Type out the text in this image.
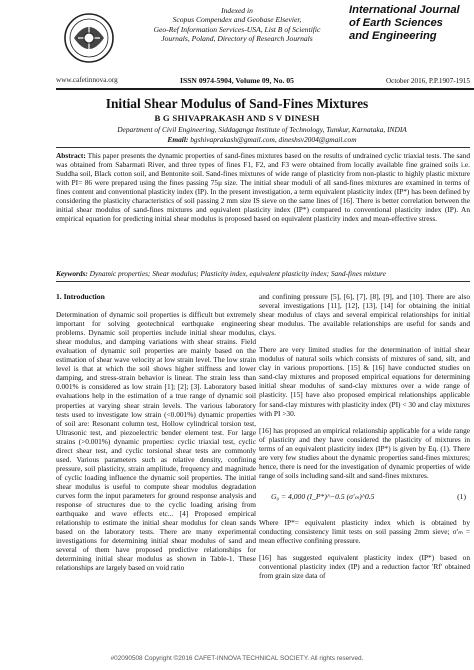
www.cafetinnova.org
Indexed in
Scopus Compendex and Geobase Elsevier,
Geo-Ref Information Services-USA, List B of Scientific
Journals, Poland, Directory of Research Journals
ISSN 0974-5904, Volume 09, No. 05
International Journal
of Earth Sciences
and Engineering
October 2016, P.P.1907-1915
Initial Shear Modulus of Sand-Fines Mixtures
B G SHIVAPRAKASH AND S V DINESH
Department of Civil Engineering, Siddaganga Institute of Technology, Tumkur, Karnataka, INDIA
Email: bgshivaprakash@gmail.com, dineshsv2004@gmail.com
Abstract: This paper presents the dynamic properties of sand-fines mixtures based on the results of undrained cyclic triaxial tests. The sand was obtained from Sabarmati River, and three types of fines F1, F2, and F3 were obtained from locally available fine grained soils i.e. Suddha soil, Black cotton soil, and Bentonite soil. Sand-fines mixtures of wide range of plasticity from non-plastic to highly plastic mixture with PI= 86 were prepared using the fines passing 75μ size. The initial shear moduli of all sand-fines mixtures are examined in terms of fines content and conventional plasticity index (IP). In the present investigation, a term equivalent plasticity index (IP*) has been defined by considering the plasticity characteristics of soil passing 2 mm size IS sieve on the same lines of [16]. There is better correlation between the initial shear modulus of sand-fines mixtures and equivalent plasticity index (IP*) compared to conventional plasticity index (IP). An empirical equation for predicting initial shear modulus is proposed based on equivalent plasticity index and mean-effective stress.
Keywords: Dynamic properties; Shear modulus; Plasticity index, equivalent plasticity index; Sand-fines mixture
1. Introduction
Determination of dynamic soil properties is difficult but extremely important for solving geotechnical earthquake engineering problems. Dynamic soil properties include initial shear modulus, shear modulus, and damping variations with shear strains. Field evaluation of dynamic soil properties are mainly based on the estimation of shear wave velocity at low strain level. The low strain level is that at which the soil shows higher stiffness and lower damping, and stress-strain behavior is linear. The strain less than 0.001% is considered as low strain [1]; [2]; [3]. Laboratory based evaluations help in the estimation of a true range of dynamic soil properties at varying shear strain levels. The various laboratory tests used to investigate low strain (<0.001%) dynamic properties of soil are: Resonant column test, Hollow cylindrical torsion test, Ultrasonic test, and piezoelectric bender element test. For large strains (>0.001%) dynamic properties: cyclic triaxial test, cyclic direct shear test, and cyclic torsional shear tests are commonly used. Various parameters such as relative density, confining pressure, soil plasticity, strain amplitude, frequency and magnitude of cyclic loading influence the dynamic soil properties. The initial shear modulus is useful to compute shear modulus degradation curves form the input parameters for ground response analysis and response of structures due to the cyclic loading arising from earthquake and wave effects etc... [4] Proposed empirical relationship to estimate the initial shear modulus for clean sands based on the laboratory tests. There are many experimental investigations for determining initial shear modulus of sand and several of them have proposed predictive relationships for determining initial shear modulus as shown in Table-1. These relationships are largely based on void ratio
and confining pressure [5], [6], [7], [8], [9], and [10]. There are also several investigations [11], [12], [13], [14] for obtaining the initial shear modulus of clays and several empirical relationships for initial shear modulus. The available relationships are useful for sands and clays.
There are very limited studies for the determination of initial shear modulus of natural soils which consists of mixtures of sand, silt, and clay in various proportions. [15] & [16] have conducted studies on sand-clay mixtures and proposed empirical equations for determining initial shear modulus of sand-clay mixtures over a wide range of plasticity. [15] have also proposed empirical relationships applicable for sand-clay mixtures with plasticity index (PI) < 30 and clay mixtures with PI >30.
[16] has proposed an empirical relationship applicable for a wide range of plasticity and they have considered the plasticity of mixtures in terms of an equivalent plasticity index (IP*) is given by Eq. (1). There are very few studies about the dynamic properties sand-fines mixtures; hence, there is need for the investigation of dynamic properties of wide range of soils including sand-silt and sand-fines mixtures.
G₀ = 4,000 (I_P*)^−0.5 (σ′ₘ)^0.5	(1)
Where IP*= equivalent plasticity index which is obtained by conducting consistency limit tests on soil passing 2mm sieve; σ′ₘ = mean effective confining pressure.
[16] has suggested equivalent plasticity index (IP*) based on conventional plasticity index (IP) and a reduction factor 'Rf' obtained from grain size data of
#02090508 Copyright ©2016 CAFET-INNOVA TECHNICAL SOCIETY. All rights reserved.
